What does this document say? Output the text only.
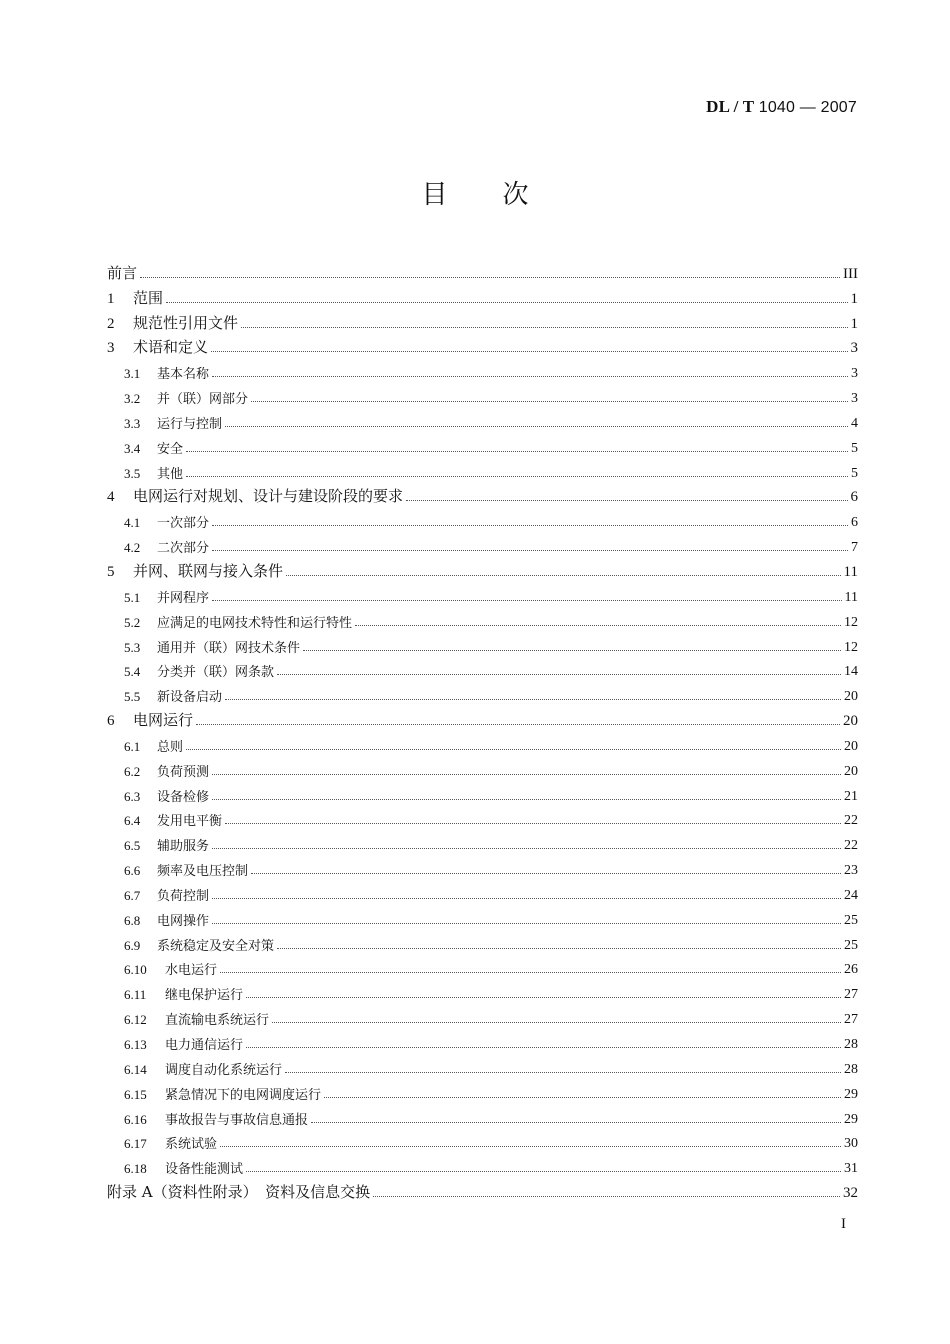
DL / T 1040 — 2007
目次
前言	III
1	范围	1
2	规范性引用文件	1
3	术语和定义	3
3.1	基本名称	3
3.2	并（联）网部分	3
3.3	运行与控制	4
3.4	安全	5
3.5	其他	5
4	电网运行对规划、设计与建设阶段的要求	6
4.1	一次部分	6
4.2	二次部分	7
5	并网、联网与接入条件	11
5.1	并网程序	11
5.2	应满足的电网技术特性和运行特性	12
5.3	通用并（联）网技术条件	12
5.4	分类并（联）网条款	14
5.5	新设备启动	20
6	电网运行	20
6.1	总则	20
6.2	负荷预测	20
6.3	设备检修	21
6.4	发用电平衡	22
6.5	辅助服务	22
6.6	频率及电压控制	23
6.7	负荷控制	24
6.8	电网操作	25
6.9	系统稳定及安全对策	25
6.10	水电运行	26
6.11	继电保护运行	27
6.12	直流输电系统运行	27
6.13	电力通信运行	28
6.14	调度自动化系统运行	28
6.15	紧急情况下的电网调度运行	29
6.16	事故报告与事故信息通报	29
6.17	系统试验	30
6.18	设备性能测试	31
附录 A（资料性附录）　资料及信息交换	32
I
